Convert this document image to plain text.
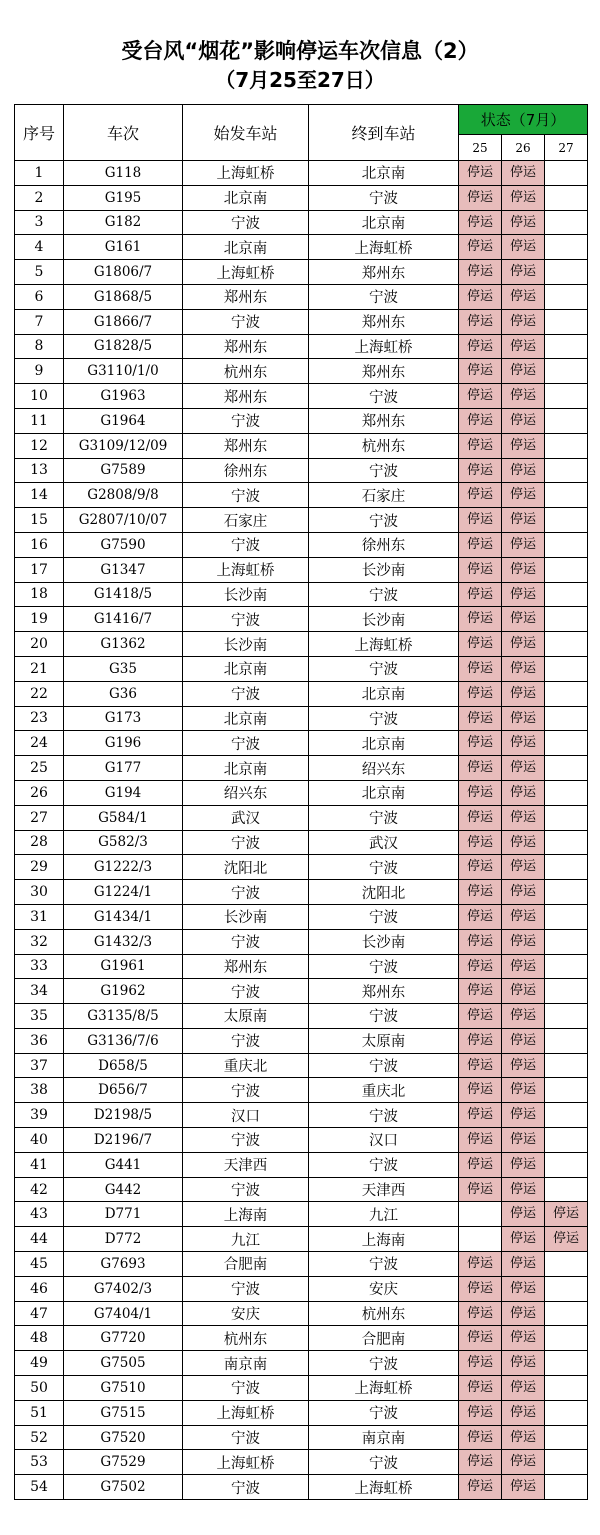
受台风“烟花”影响停运车次信息（2）
（7月25至27日）
序号	车次	始发车站	终到车站	状态（7月）		
				25	26	27
1	G118	上海虹桥	北京南	停运	停运	

2	G195	北京南	宁波	停运	停运	

3	G182	宁波	北京南	停运	停运	

4	G161	北京南	上海虹桥	停运	停运	

5	G1806/7	上海虹桥	郑州东	停运	停运	

6	G1868/5	郑州东	宁波	停运	停运	

7	G1866/7	宁波	郑州东	停运	停运	

8	G1828/5	郑州东	上海虹桥	停运	停运	

9	G3110/1/0	杭州东	郑州东	停运	停运	

10	G1963	郑州东	宁波	停运	停运	

11	G1964	宁波	郑州东	停运	停运	

12	G3109/12/09	郑州东	杭州东	停运	停运	

13	G7589	徐州东	宁波	停运	停运	

14	G2808/9/8	宁波	石家庄	停运	停运	

15	G2807/10/07	石家庄	宁波	停运	停运	

16	G7590	宁波	徐州东	停运	停运	

17	G1347	上海虹桥	长沙南	停运	停运	

18	G1418/5	长沙南	宁波	停运	停运	

19	G1416/7	宁波	长沙南	停运	停运	

20	G1362	长沙南	上海虹桥	停运	停运	

21	G35	北京南	宁波	停运	停运	

22	G36	宁波	北京南	停运	停运	

23	G173	北京南	宁波	停运	停运	

24	G196	宁波	北京南	停运	停运	

25	G177	北京南	绍兴东	停运	停运	

26	G194	绍兴东	北京南	停运	停运	

27	G584/1	武汉	宁波	停运	停运	

28	G582/3	宁波	武汉	停运	停运	

29	G1222/3	沈阳北	宁波	停运	停运	

30	G1224/1	宁波	沈阳北	停运	停运	

31	G1434/1	长沙南	宁波	停运	停运	

32	G1432/3	宁波	长沙南	停运	停运	

33	G1961	郑州东	宁波	停运	停运	

34	G1962	宁波	郑州东	停运	停运	

35	G3135/8/5	太原南	宁波	停运	停运	

36	G3136/7/6	宁波	太原南	停运	停运	

37	D658/5	重庆北	宁波	停运	停运	

38	D656/7	宁波	重庆北	停运	停运	

39	D2198/5	汉口	宁波	停运	停运	

40	D2196/7	宁波	汉口	停运	停运	

41	G441	天津西	宁波	停运	停运	

42	G442	宁波	天津西	停运	停运	

43	D771	上海南	九江		停运	停运

44	D772	九江	上海南		停运	停运

45	G7693	合肥南	宁波	停运	停运	

46	G7402/3	宁波	安庆	停运	停运	

47	G7404/1	安庆	杭州东	停运	停运	

48	G7720	杭州东	合肥南	停运	停运	

49	G7505	南京南	宁波	停运	停运	

50	G7510	宁波	上海虹桥	停运	停运	

51	G7515	上海虹桥	宁波	停运	停运	

52	G7520	宁波	南京南	停运	停运	

53	G7529	上海虹桥	宁波	停运	停运	

54	G7502	宁波	上海虹桥	停运	停运	
